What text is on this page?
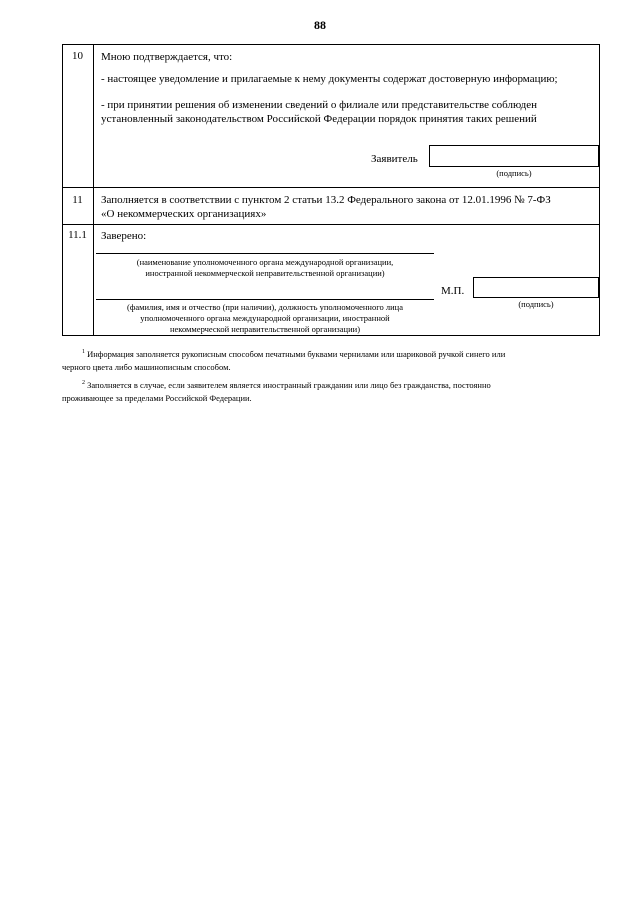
88
10	Мною подтверждается, что:
- настоящее уведомление и прилагаемые к нему документы содержат достоверную информацию;
- при принятии решения об изменении сведений о филиале или представительстве соблюден
установленный законодательством Российской Федерации порядок принятия таких решений
Заявитель
(подпись)
11	Заполняется в соответствии с пунктом 2 статьи 13.2 Федерального закона от 12.01.1996 № 7-ФЗ
«О некоммерческих организациях»
11.1	Заверено:
(наименование уполномоченного органа международной организации,
иностранной некоммерческой неправительственной организации)
М.П.
(подпись)
(фамилия, имя и отчество (при наличии), должность уполномоченного лица
уполномоченного органа международной организации, иностранной
некоммерческой неправительственной организации)
$^1$ Информация заполняется рукописным способом печатными буквами чернилами или шариковой ручкой синего или
черного цвета либо машинописным способом.
$^2$ Заполняется в случае, если заявителем является иностранный гражданин или лицо без гражданства, постоянно
проживающее за пределами Российской Федерации.
